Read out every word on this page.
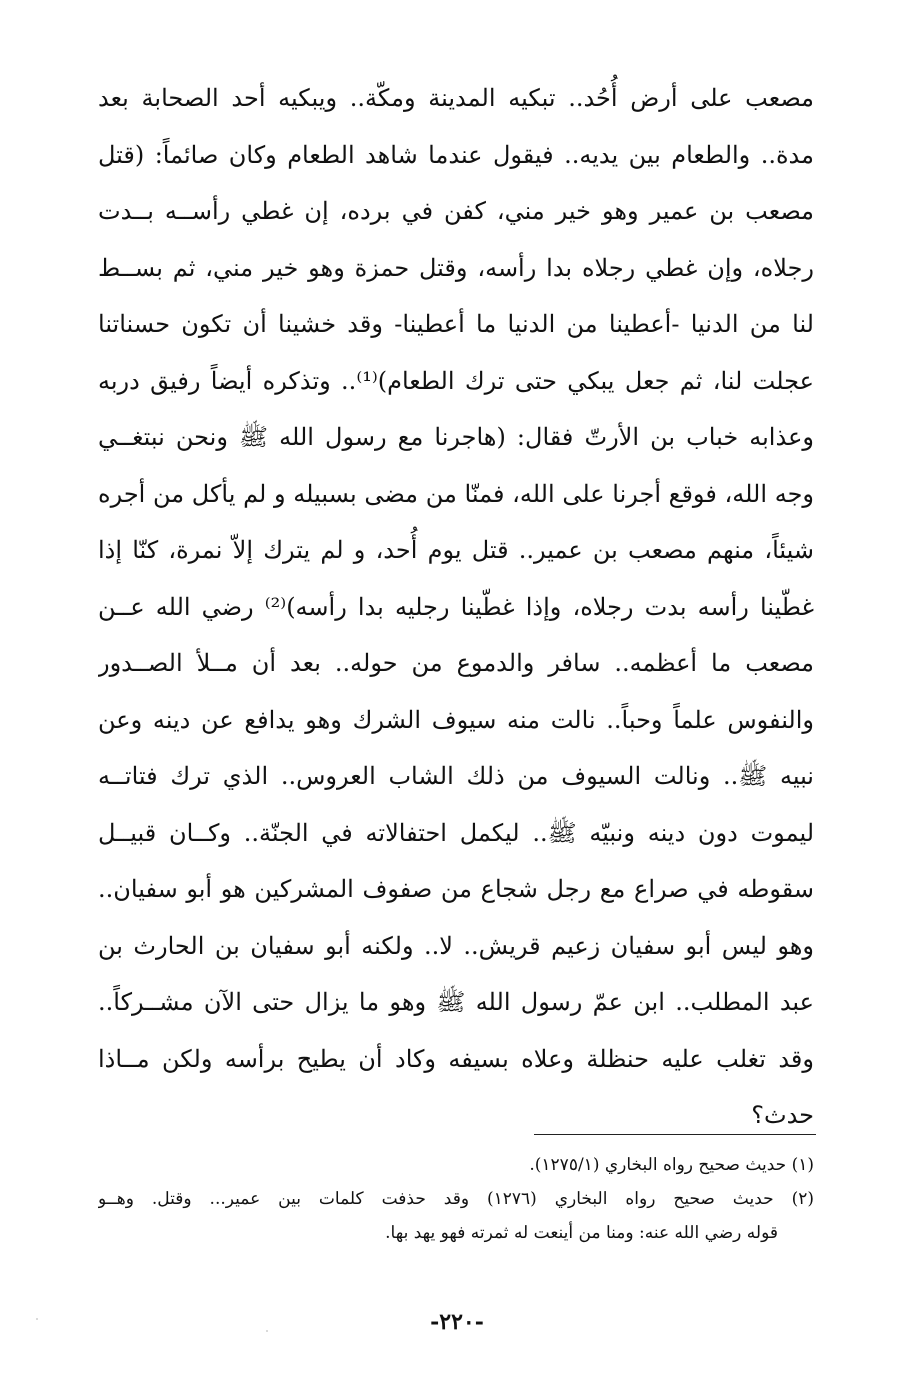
مصعب على أرض أُحُد.. تبكيه المدينة ومكّة.. ويبكيه أحد الصحابة بعد
مدة.. والطعام بين يديه.. فيقول عندما شاهد الطعام وكان صائماً: (قتل
مصعب بن عمير وهو خير مني، كفن في برده، إن غطي رأســه بــدت
رجلاه، وإن غطي رجلاه بدا رأسه، وقتل حمزة وهو خير مني، ثم بســط
لنا من الدنيا -أعطينا من الدنيا ما أعطينا- وقد خشينا أن تكون حسناتنا
عجلت لنا، ثم جعل يبكي حتى ترك الطعام)⁽¹⁾.. وتذكره أيضاً رفيق دربه
وعذابه خباب بن الأرتّ فقال: (هاجرنا مع رسول الله ﷺ ونحن نبتغــي
وجه الله، فوقع أجرنا على الله، فمنّا من مضى بسبيله و لم يأكل من أجره
شيئاً، منهم مصعب بن عمير.. قتل يوم أُحد، و لم يترك إلاّ نمرة، كنّا إذا
غطّينا رأسه بدت رجلاه، وإذا غطّينا رجليه بدا رأسه)⁽²⁾ رضي الله عــن
مصعب ما أعظمه.. سافر والدموع من حوله.. بعد أن مــلأ الصــدور
والنفوس علماً وحباً.. نالت منه سيوف الشرك وهو يدافع عن دينه وعن
نبيه ﷺ.. ونالت السيوف من ذلك الشاب العروس.. الذي ترك فتاتــه
ليموت دون دينه ونبيّه ﷺ.. ليكمل احتفالاته في الجنّة.. وكــان قبيــل
سقوطه في صراع مع رجل شجاع من صفوف المشركين هو أبو سفيان..
وهو ليس أبو سفيان زعيم قريش.. لا.. ولكنه أبو سفيان بن الحارث بن
عبد المطلب.. ابن عمّ رسول الله ﷺ وهو ما يزال حتى الآن مشــركاً..
وقد تغلب عليه حنظلة وعلاه بسيفه وكاد أن يطيح برأسه ولكن مــاذا
حدث؟
(١) حديث صحيح رواه البخاري (١٢٧٥/١).
(٢) حديث صحيح رواه البخاري (١٢٧٦) وقد حذفت كلمات بين عمير... وقتل. وهــو
قوله رضي الله عنه: ومنا من أينعت له ثمرته فهو يهد بها.
-٢٢٠-
